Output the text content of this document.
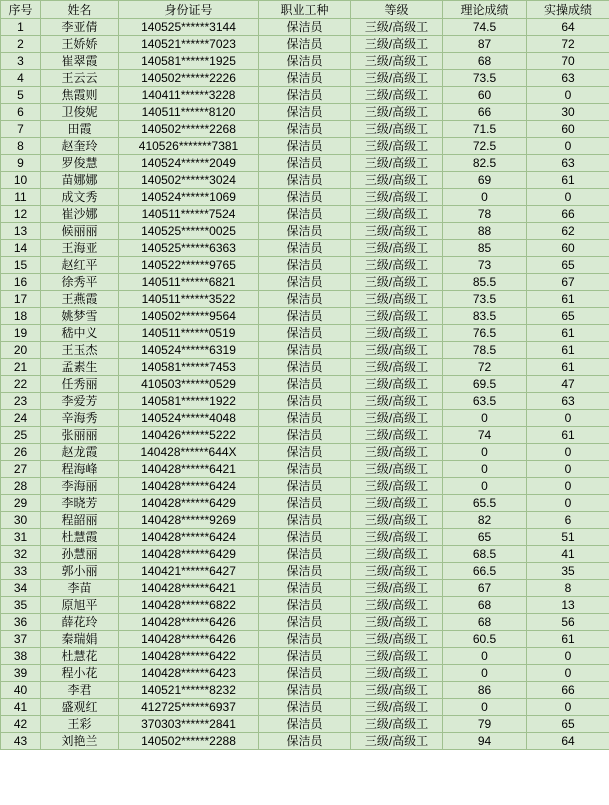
序号	姓名	身份证号	职业工种	等级	理论成绩	实操成绩
1	李亚倩	140525******3144	保洁员	三级/高级工	74.5	64
2	王娇娇	140521******7023	保洁员	三级/高级工	87	72
3	崔翠霞	140581******1925	保洁员	三级/高级工	68	70
4	王云云	140502******2226	保洁员	三级/高级工	73.5	63
5	焦霞则	140411******3228	保洁员	三级/高级工	60	0
6	卫俊妮	140511******8120	保洁员	三级/高级工	66	30
7	田霞	140502******2268	保洁员	三级/高级工	71.5	60
8	赵奎玲	410526*******7381	保洁员	三级/高级工	72.5	0
9	罗俊慧	140524******2049	保洁员	三级/高级工	82.5	63
10	苗娜娜	140502******3024	保洁员	三级/高级工	69	61
11	成文秀	140524******1069	保洁员	三级/高级工	0	0
12	崔沙娜	140511******7524	保洁员	三级/高级工	78	66
13	候丽丽	140525******0025	保洁员	三级/高级工	88	62
14	王海亚	140525******6363	保洁员	三级/高级工	85	60
15	赵红平	140522******9765	保洁员	三级/高级工	73	65
16	徐秀平	140511******6821	保洁员	三级/高级工	85.5	67
17	王燕霞	140511******3522	保洁员	三级/高级工	73.5	61
18	姚梦雪	140502******9564	保洁员	三级/高级工	83.5	65
19	嵇中义	140511******0519	保洁员	三级/高级工	76.5	61
20	王玉杰	140524******6319	保洁员	三级/高级工	78.5	61
21	孟素生	140581******7453	保洁员	三级/高级工	72	61
22	任秀丽	410503******0529	保洁员	三级/高级工	69.5	47
23	李爱芳	140581******1922	保洁员	三级/高级工	63.5	63
24	辛海秀	140524******4048	保洁员	三级/高级工	0	0
25	张丽丽	140426******5222	保洁员	三级/高级工	74	61
26	赵龙霞	140428******644X	保洁员	三级/高级工	0	0
27	程海峰	140428******6421	保洁员	三级/高级工	0	0
28	李海丽	140428******6424	保洁员	三级/高级工	0	0
29	李晓芳	140428******6429	保洁员	三级/高级工	65.5	0
30	程韶丽	140428******9269	保洁员	三级/高级工	82	6
31	杜慧霞	140428******6424	保洁员	三级/高级工	65	51
32	孙慧丽	140428******6429	保洁员	三级/高级工	68.5	41
33	郭小丽	140421******6427	保洁员	三级/高级工	66.5	35
34	李苗	140428******6421	保洁员	三级/高级工	67	8
35	原旭平	140428******6822	保洁员	三级/高级工	68	13
36	薛花玲	140428******6426	保洁员	三级/高级工	68	56
37	秦瑞娟	140428******6426	保洁员	三级/高级工	60.5	61
38	杜慧花	140428******6422	保洁员	三级/高级工	0	0
39	程小花	140428******6423	保洁员	三级/高级工	0	0
40	李君	140521******8232	保洁员	三级/高级工	86	66
41	盛观红	412725******6937	保洁员	三级/高级工	0	0
42	王彩	370303******2841	保洁员	三级/高级工	79	65
43	刘艳兰	140502******2288	保洁员	三级/高级工	94	64
